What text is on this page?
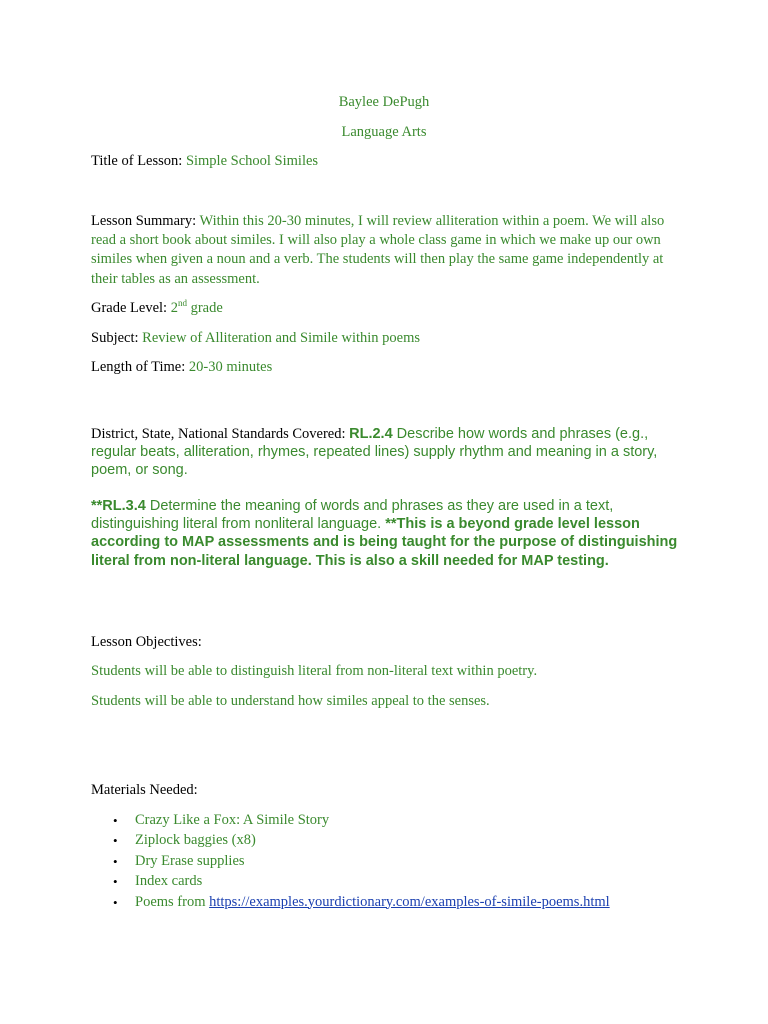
Baylee DePugh
Language Arts
Title of Lesson: Simple School Similes
Lesson Summary: Within this 20-30 minutes, I will review alliteration within a poem. We will also read a short book about similes. I will also play a whole class game in which we make up our own similes when given a noun and a verb. The students will then play the same game independently at their tables as an assessment.
Grade Level: 2nd grade
Subject: Review of Alliteration and Simile within poems
Length of Time: 20-30 minutes
District, State, National Standards Covered: RL.2.4 Describe how words and phrases (e.g., regular beats, alliteration, rhymes, repeated lines) supply rhythm and meaning in a story, poem, or song.
**RL.3.4 Determine the meaning of words and phrases as they are used in a text, distinguishing literal from nonliteral language. **This is a beyond grade level lesson according to MAP assessments and is being taught for the purpose of distinguishing literal from non-literal language. This is also a skill needed for MAP testing.
Lesson Objectives:
Students will be able to distinguish literal from non-literal text within poetry.
Students will be able to understand how similes appeal to the senses.
Materials Needed:
• Crazy Like a Fox: A Simile Story
• Ziplock baggies (x8)
• Dry Erase supplies
• Index cards
• Poems from https://examples.yourdictionary.com/examples-of-simile-poems.html
